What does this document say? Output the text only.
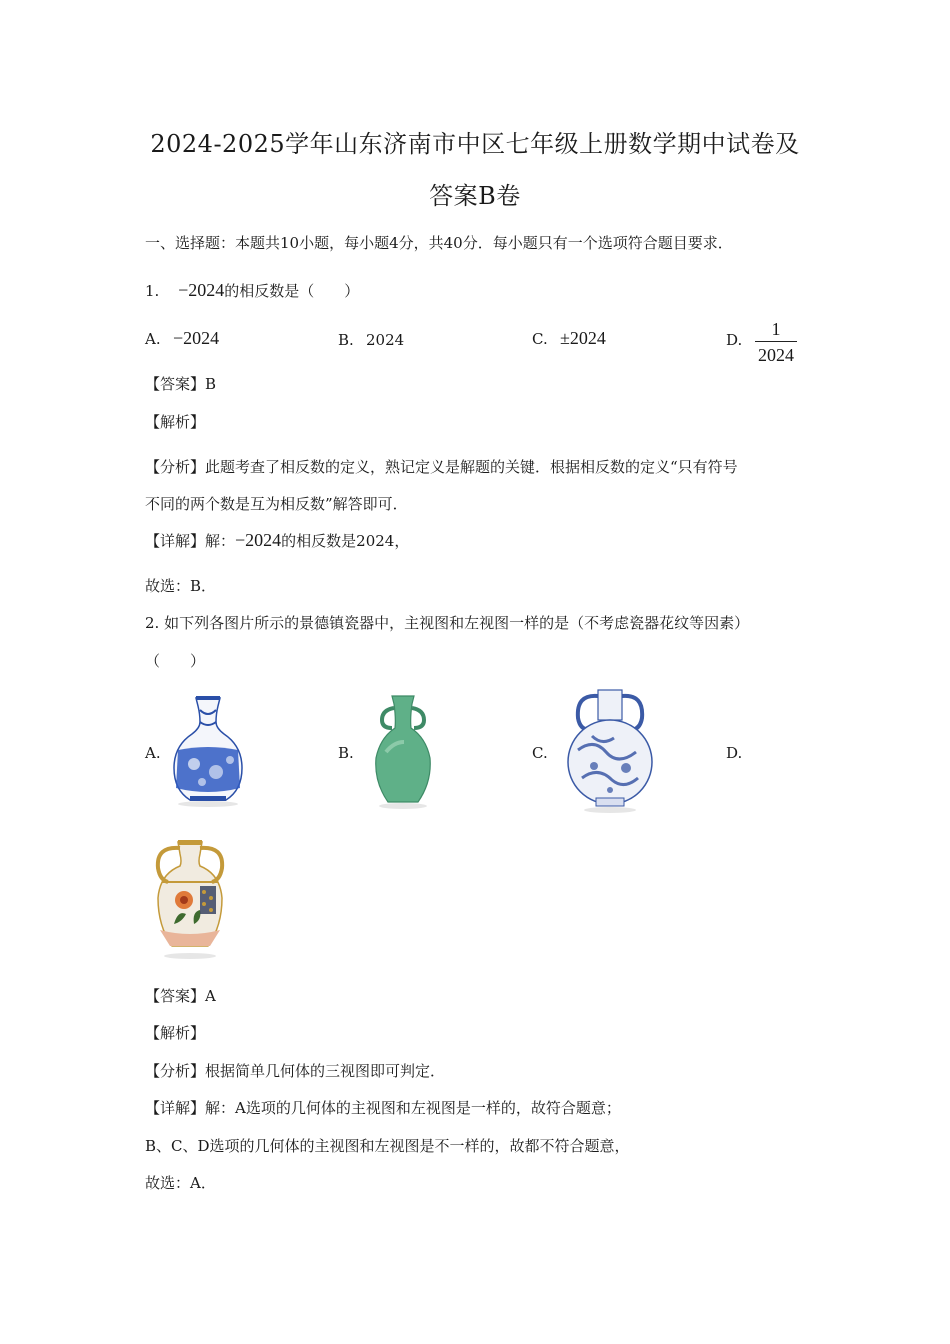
2024-2025学年山东济南市中区七年级上册数学期中试卷及
答案B卷
一、选择题：本题共10小题，每小题4分，共40分．每小题只有一个选项符合题目要求．
1. −2024的相反数是（　　）
A. −2024	B. 2024	C. ±2024	D.
1
2024
【答案】B
【解析】
【分析】此题考查了相反数的定义，熟记定义是解题的关键．根据相反数的定义“只有符号
不同的两个数是互为相反数”解答即可．
【详解】解：−2024的相反数是2024，
故选：B．
2. 如下列各图片所示的景德镇瓷器中，主视图和左视图一样的是（不考虑瓷器花纹等因素）
（　　）
A.	B.	C.	D.
【答案】A
【解析】
【分析】根据简单几何体的三视图即可判定．
【详解】解：A选项的几何体的主视图和左视图是一样的，故符合题意；
B、C、D选项的几何体的主视图和左视图是不一样的，故都不符合题意，
故选：A．
